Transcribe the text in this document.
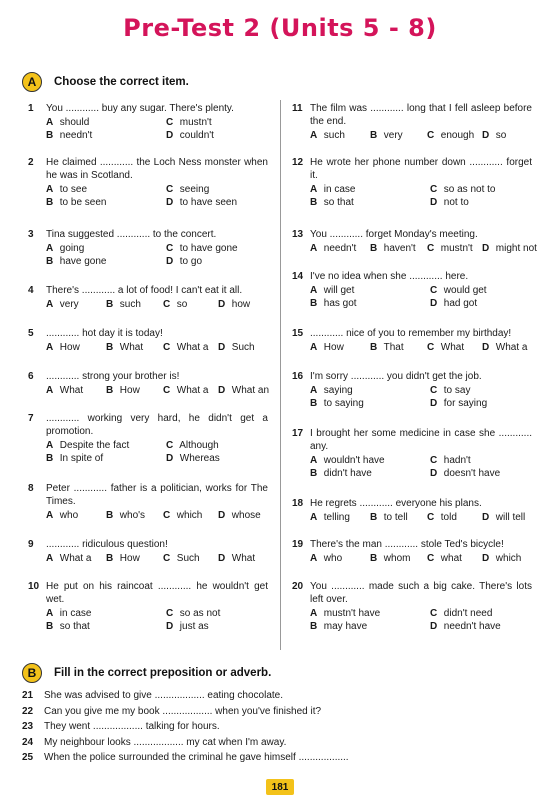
Pre-Test 2 (Units 5 - 8)
A	Choose the correct item.
1 You ............ buy any sugar. There's plenty.
A should	C mustn't
B needn't	D couldn't
2 He claimed ............ the Loch Ness monster when he was in Scotland.
A to see	C seeing
B to be seen	D to have seen
3 Tina suggested ............ to the concert.
A going	C to have gone
B have gone	D to go
4 There's ............ a lot of food! I can't eat it all.
A very	B such	C so	D how
5 ............ hot day it is today!
A How	B What	C What a D Such
6 ............ strong your brother is!
A What	B How	C What a D What an
7 ............ working very hard, he didn't get a promotion.
A Despite the fact	C Although
B In spite of	D Whereas
8 Peter ............ father is a politician, works for The Times.
A who	B who's	C which	D whose
9 ............ ridiculous question!
A What a	B How	C Such	D What
10 He put on his raincoat ............ he wouldn't get wet.
A in case	C so as not
B so that	D just as
11 The film was ............ long that I fell asleep before the end.
A such	B very	C enough D so
12 He wrote her phone number down ............ forget it.
A in case	C so as not to
B so that	D not to
13 You ............ forget Monday's meeting.
A needn't	B haven't	C mustn't D might not
14 I've no idea when she ............ here.
A will get	C would get
B has got	D had got
15 ............ nice of you to remember my birthday!
A How	B That	C What	D What a
16 I'm sorry ............ you didn't get the job.
A saying	C to say
B to saying	D for saying
17 I brought her some medicine in case she ............ any.
A wouldn't have	C hadn't
B didn't have	D doesn't have
18 He regrets ............ everyone his plans.
A telling	B to tell	C told	D will tell
19 There's the man ............ stole Ted's bicycle!
A who	B whom	C what	D which
20 You ............ made such a big cake. There's lots left over.
A mustn't have	C didn't need
B may have	D needn't have
B	Fill in the correct preposition or adverb.
21 She was advised to give .................. eating chocolate.
22 Can you give me my book .................. when you've finished it?
23 They went .................. talking for hours.
24 My neighbour looks .................. my cat when I'm away.
25 When the police surrounded the criminal he gave himself ..................
181
